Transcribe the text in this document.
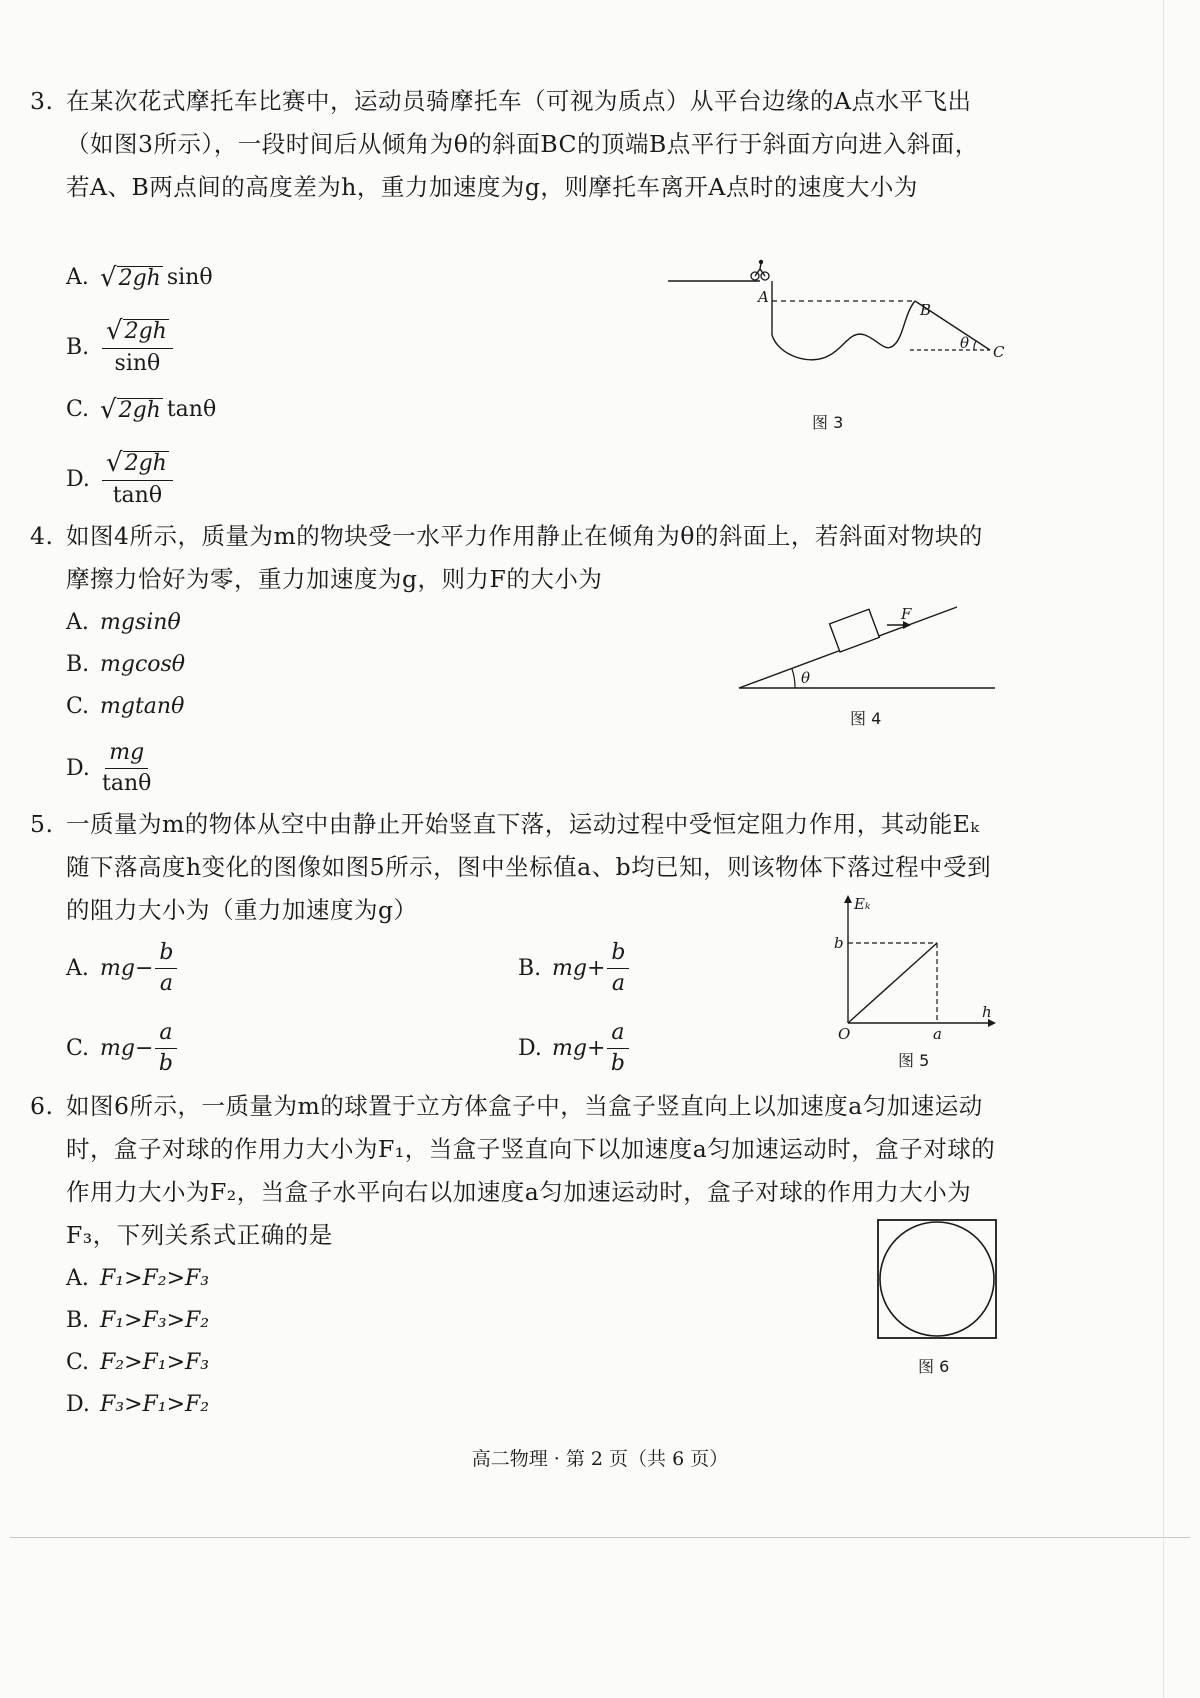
3. 在某次花式摩托车比赛中，运动员骑摩托车（可视为质点）从平台边缘的A点水平飞出（如图3所示），一段时间后从倾角为θ的斜面BC的顶端B点平行于斜面方向进入斜面，若A、B两点间的高度差为h，重力加速度为g，则摩托车离开A点时的速度大小为
A. √ 2gh sinθ
B. $\frac{√ 2gh}{\sin\theta}$
C. √ 2gh tanθ
D. $\frac{√ 2gh}{\tan\theta}$
A
B
C
θ
图 3
4. 如图4所示，质量为m的物块受一水平力作用静止在倾角为θ的斜面上，若斜面对物块的摩擦力恰好为零，重力加速度为g，则力F的大小为
A. mgsinθ
B. mgcosθ
C. mgtanθ
D. $\frac{mg}{\tan\theta}$
F
θ
图 4
5. 一质量为m的物体从空中由静止开始竖直下落，运动过程中受恒定阻力作用，其动能Eₖ随下落高度h变化的图像如图5所示，图中坐标值a、b均已知，则该物体下落过程中受到的阻力大小为（重力加速度为g）
A. $mg- \frac{b}{a}$	B. $mg+ \frac{b}{a}$
C. $mg- \frac{a}{b}$	D. $mg+ \frac{a}{b}$
Eₖ
h
O	a
b
图 5
6. 如图6所示，一质量为m的球置于立方体盒子中，当盒子竖直向上以加速度a匀加速运动时，盒子对球的作用力大小为F₁，当盒子竖直向下以加速度a匀加速运动时，盒子对球的作用力大小为F₂，当盒子水平向右以加速度a匀加速运动时，盒子对球的作用力大小为F₃，下列关系式正确的是
A. F₁>F₂>F₃
B. F₁>F₃>F₂
C. F₂>F₁>F₃
D. F₃>F₁>F₂
图 6
高二物理 · 第 2 页（共 6 页）
